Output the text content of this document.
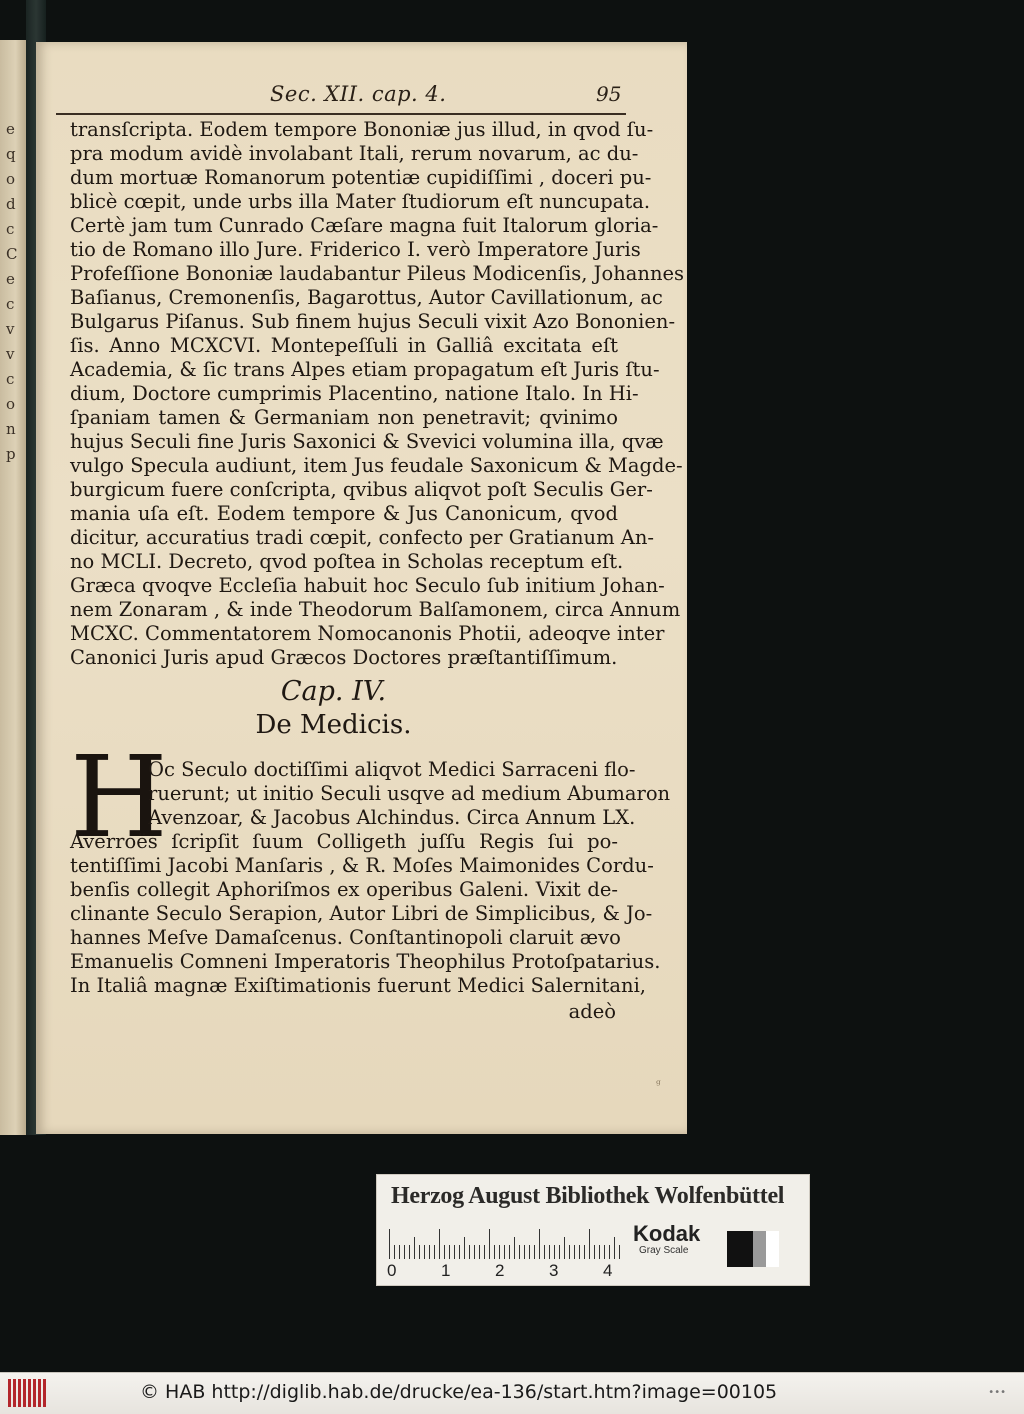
e
q
o
d
c
C
e
c
v
v
c
o
n
p
Sec. XII. cap. 4.	95
transſcripta. Eodem tempore Bononiæ jus illud, in qvod ſu-
pra modum avidè involabant Itali, rerum novarum, ac du-
dum mortuæ Romanorum potentiæ cupidiſſimi , doceri pu-
blicè cœpit, unde urbs illa Mater ſtudiorum eſt nuncupata.
Certè jam tum Cunrado Cæſare magna fuit Italorum gloria-
tio de Romano illo Jure. Friderico I. verò Imperatore Juris
Profeſſione Bononiæ laudabantur Pileus Modicenſis, Johannes
Baſianus, Cremonenſis, Bagarottus, Autor Cavillationum, ac
Bulgarus Piſanus. Sub finem hujus Seculi vixit Azo Bononien-
ſis. Anno MCXCVI. Montepeſſuli in Galliâ excitata eſt
Academia, & ſic trans Alpes etiam propagatum eſt Juris ſtu-
dium, Doctore cumprimis Placentino, natione Italo. In Hi-
ſpaniam tamen & Germaniam non penetravit; qvinimo
hujus Seculi fine Juris Saxonici & Svevici volumina illa, qvæ
vulgo Specula audiunt, item Jus feudale Saxonicum & Magde-
burgicum fuere conſcripta, qvibus aliqvot poſt Seculis Ger-
mania uſa eſt. Eodem tempore & Jus Canonicum, qvod
dicitur, accuratius tradi cœpit, confecto per Gratianum An-
no MCLI. Decreto, qvod poſtea in Scholas receptum eſt.
Græca qvoqve Eccleſia habuit hoc Seculo ſub initium Johan-
nem Zonaram , & inde Theodorum Balſamonem, circa Annum
MCXC. Commentatorem Nomocanonis Photii, adeoqve inter
Canonici Juris apud Græcos Doctores præſtantiſſimum.
Cap. IV.
De Medicis.
H
Oc Seculo doctiſſimi aliqvot Medici Sarraceni flo-
ruerunt; ut initio Seculi usqve ad medium Abumaron
Avenzoar, & Jacobus Alchindus. Circa Annum LX.
Averroës ſcripſit ſuum Colligeth juſſu Regis ſui po-
tentiſſimi Jacobi Manſaris , & R. Moſes Maimonides Cordu-
benſis collegit Aphoriſmos ex operibus Galeni. Vixit de-
clinante Seculo Serapion, Autor Libri de Simplicibus, & Jo-
hannes Meſve Damaſcenus. Conſtantinopoli claruit ævo
Emanuelis Comneni Imperatoris Theophilus Protoſpatarius.
In Italiâ magnæ Exiſtimationis fuerunt Medici Salernitani,
adeò
ᵍ
Herzog August Bibliothek Wolfenbüttel
0	1	2	3	4
Kodak
Gray Scale
© HAB http://diglib.hab.de/drucke/ea-136/start.htm?image=00105	•••
